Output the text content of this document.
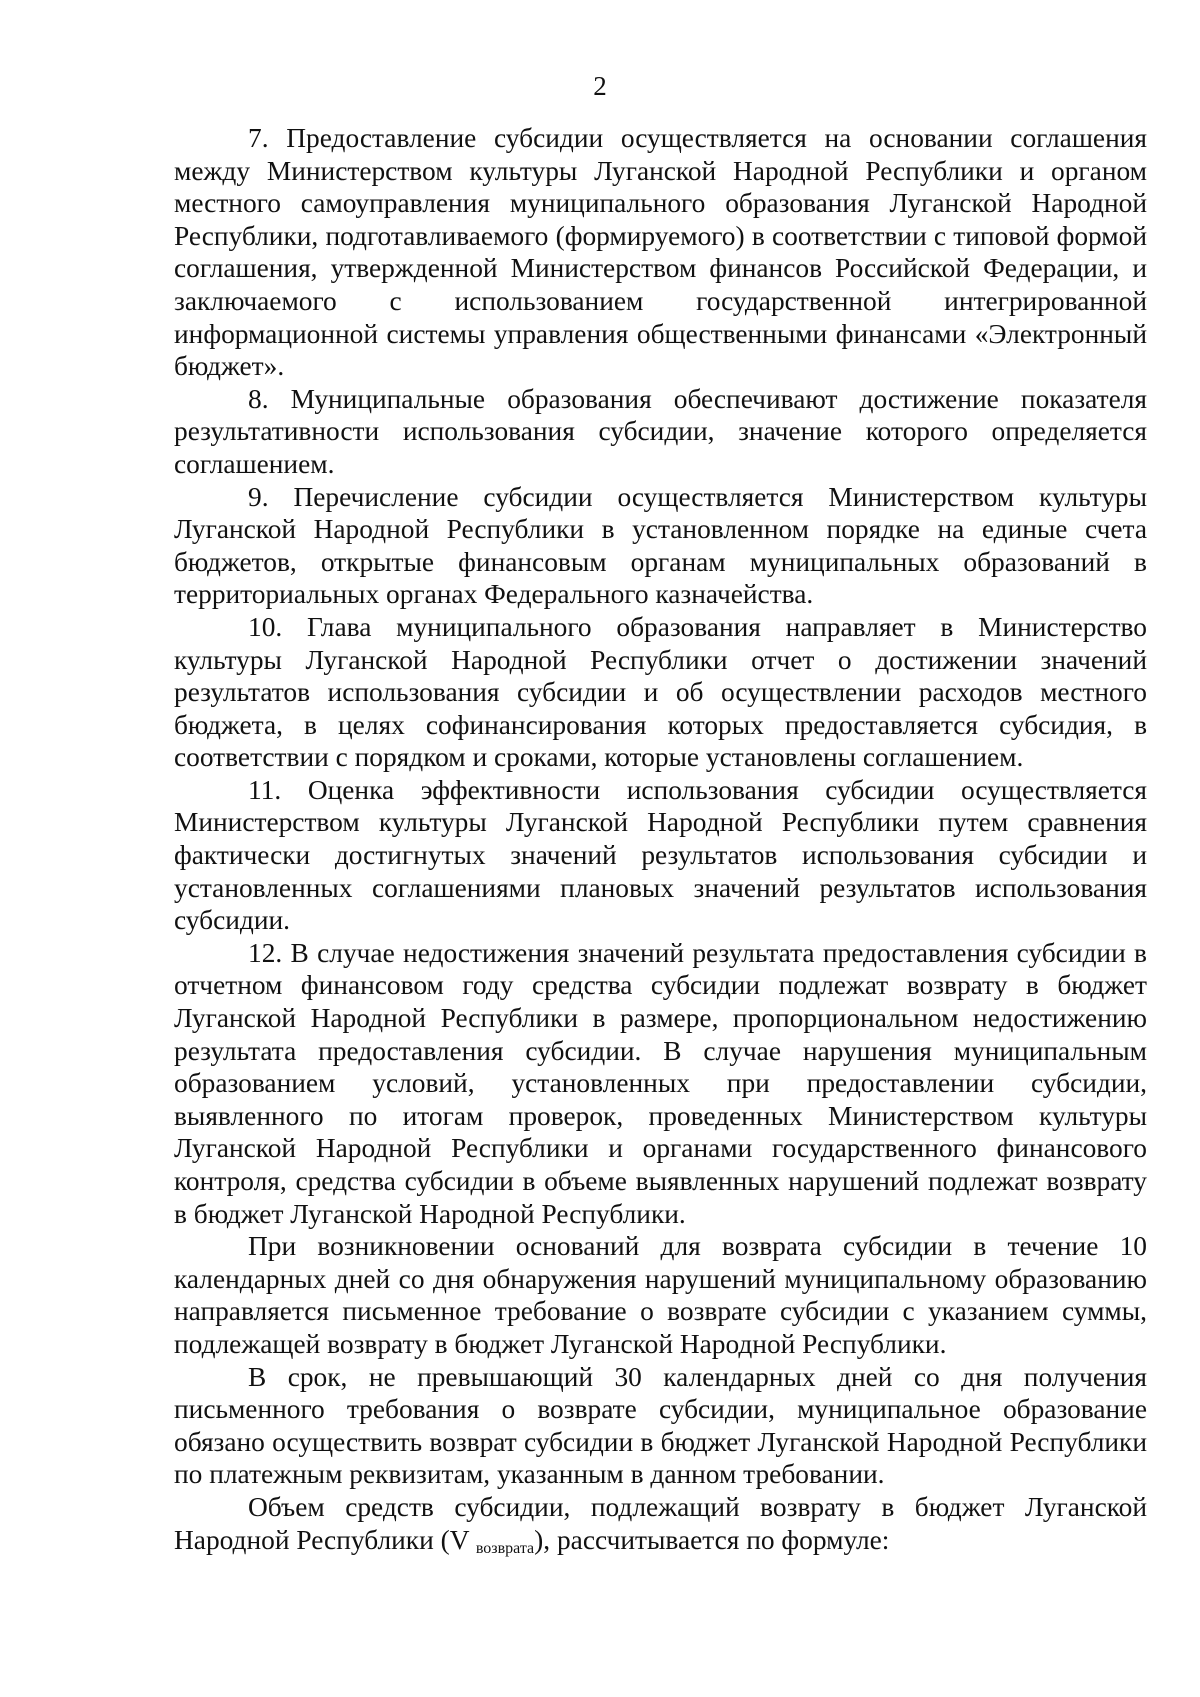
2

7. Предоставление субсидии осуществляется на основании соглашения между Министерством культуры Луганской Народной Республики и органом местного самоуправления муниципального образования Луганской Народной Республики, подготавливаемого (формируемого) в соответствии с типовой формой соглашения, утвержденной Министерством финансов Российской Федерации, и заключаемого с использованием государственной интегрированной информационной системы управления общественными финансами «Электронный бюджет».

8. Муниципальные образования обеспечивают достижение показателя результативности использования субсидии, значение которого определяется соглашением.

9. Перечисление субсидии осуществляется Министерством культуры Луганской Народной Республики в установленном порядке на единые счета бюджетов, открытые финансовым органам муниципальных образований в территориальных органах Федерального казначейства.

10. Глава муниципального образования направляет в Министерство культуры Луганской Народной Республики отчет о достижении значений результатов использования субсидии и об осуществлении расходов местного бюджета, в целях софинансирования которых предоставляется субсидия, в соответствии с порядком и сроками, которые установлены соглашением.

11. Оценка эффективности использования субсидии осуществляется Министерством культуры Луганской Народной Республики путем сравнения фактически достигнутых значений результатов использования субсидии и установленных соглашениями плановых значений результатов использования субсидии.

12. В случае недостижения значений результата предоставления субсидии в отчетном финансовом году средства субсидии подлежат возврату в бюджет Луганской Народной Республики в размере, пропорциональном недостижению результата предоставления субсидии. В случае нарушения муниципальным образованием условий, установленных при предоставлении субсидии, выявленного по итогам проверок, проведенных Министерством культуры Луганской Народной Республики и органами государственного финансового контроля, средства субсидии в объеме выявленных нарушений подлежат возврату в бюджет Луганской Народной Республики.

При возникновении оснований для возврата субсидии в течение 10 календарных дней со дня обнаружения нарушений муниципальному образованию направляется письменное требование о возврате субсидии с указанием суммы, подлежащей возврату в бюджет Луганской Народной Республики.

В срок, не превышающий 30 календарных дней со дня получения письменного требования о возврате субсидии, муниципальное образование обязано осуществить возврат субсидии в бюджет Луганской Народной Республики по платежным реквизитам, указанным в данном требовании.

Объем средств субсидии, подлежащий возврату в бюджет Луганской Народной Республики (V $_{возврата}$), рассчитывается по формуле:
